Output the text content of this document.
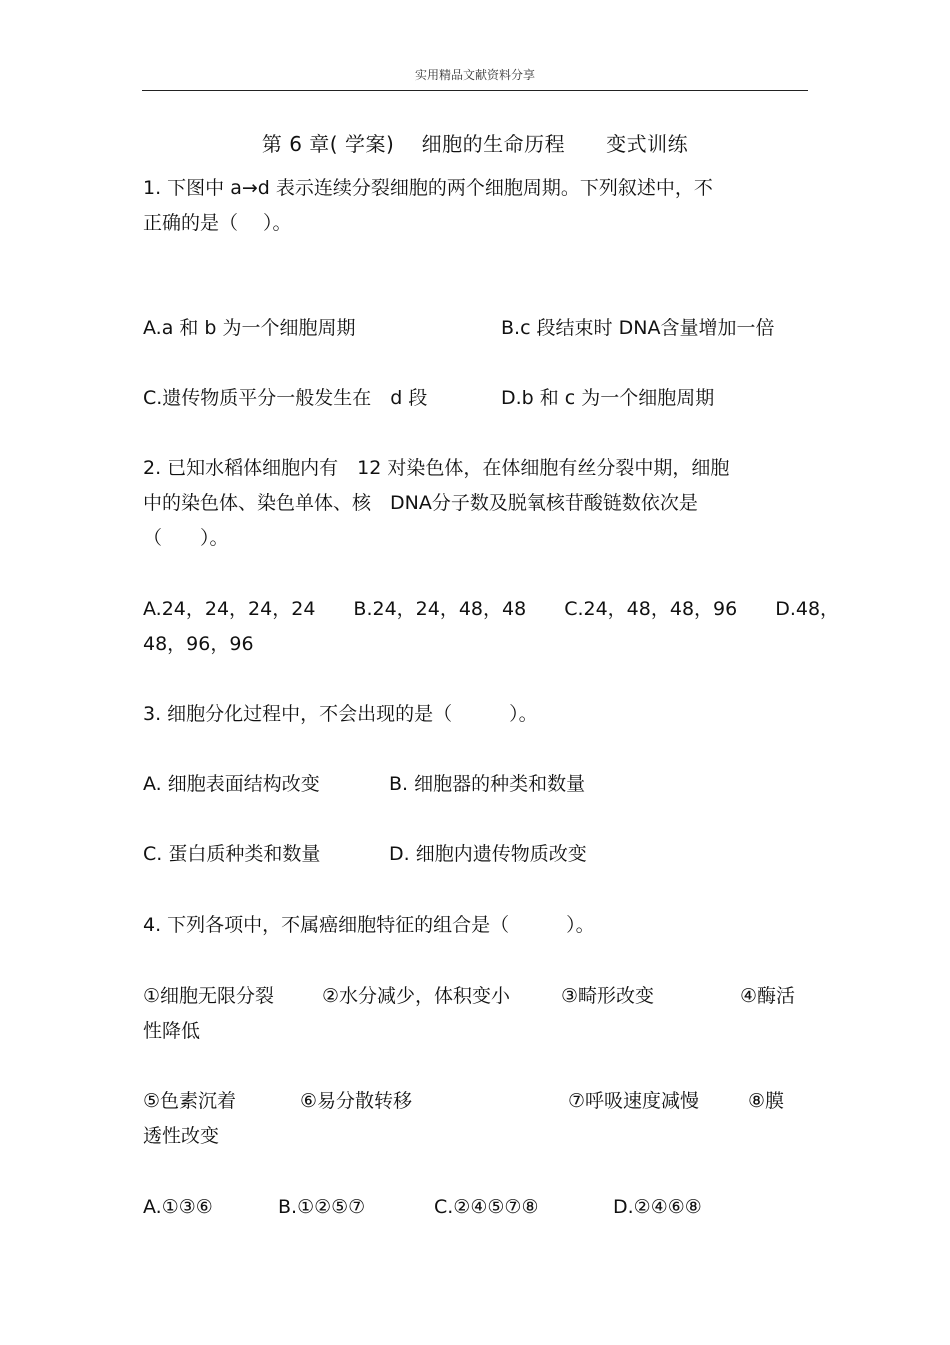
实用精品文献资料分享
第 6 章( 学案)　 细胞的生命历程　　变式训练
1. 下图中 a→d 表示连续分裂细胞的两个细胞周期。下列叙述中，不
正确的是（　 ）。
A.a 和 b 为一个细胞周期	B.c 段结束时 DNA含量增加一倍
C.遗传物质平分一般发生在　d 段	D.b 和 c 为一个细胞周期
2. 已知水稻体细胞内有　12 对染色体，在体细胞有丝分裂中期，细胞
中的染色体、染色单体、核　DNA分子数及脱氧核苷酸链数依次是
（　　）。
A.24，24，24，24　　B.24，24，48，48　　C.24，48，48，96　　D.48，
48，96，96
3. 细胞分化过程中，不会出现的是（　　　）。
A. 细胞表面结构改变	B. 细胞器的种类和数量
C. 蛋白质种类和数量	D. 细胞内遗传物质改变
4. 下列各项中，不属癌细胞特征的组合是（　　　）。
①细胞无限分裂	②水分减少，体积变小	③畸形改变	④酶活
性降低
⑤色素沉着	⑥易分散转移	⑦呼吸速度减慢	⑧膜
透性改变
A.①③⑥	B.①②⑤⑦	C.②④⑤⑦⑧	D.②④⑥⑧
